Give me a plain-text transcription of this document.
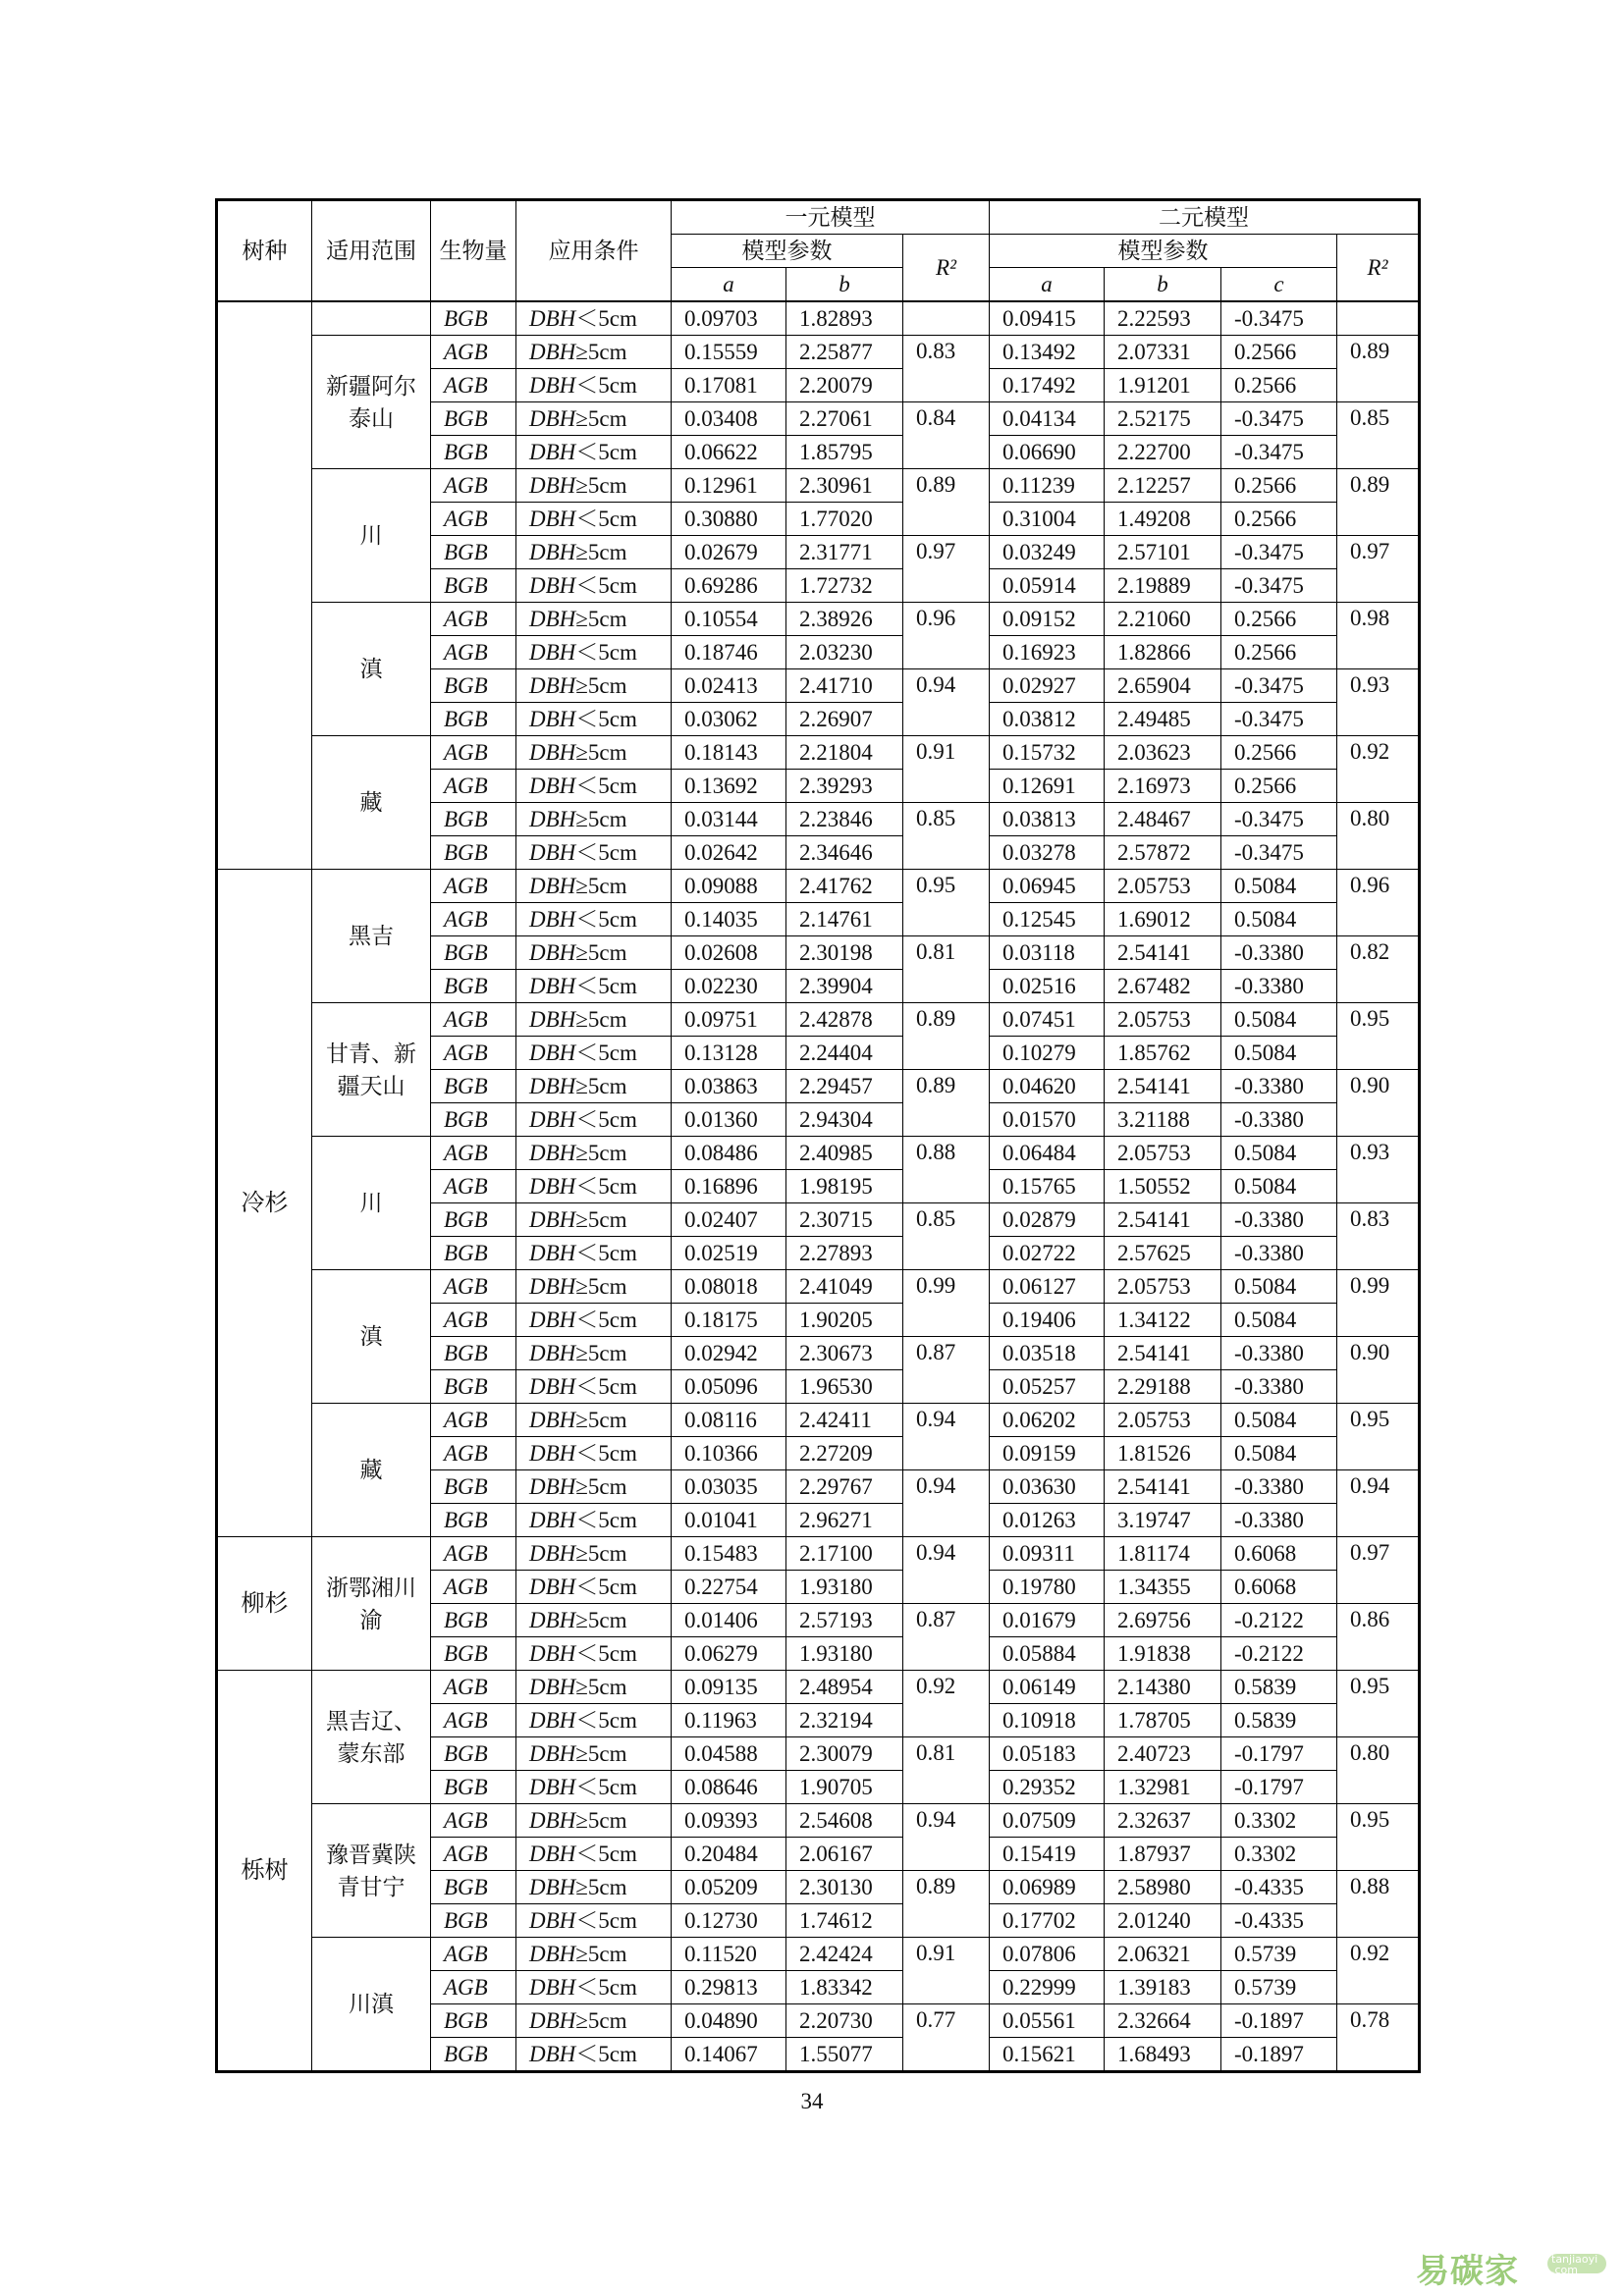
树种	适用范围	生物量	应用条件	一元模型			二元模型			
				模型参数		R²	模型参数			R²
				a	b		a	b	c	
		BGB	DBH＜5cm	0.09703	1.82893		0.09415	2.22593	-0.3475	
	新疆阿尔泰山	AGB	DBH≥5cm	0.15559	2.25877	0.83	0.13492	2.07331	0.2566	0.89
		AGB	DBH＜5cm	0.17081	2.20079		0.17492	1.91201	0.2566	
		BGB	DBH≥5cm	0.03408	2.27061	0.84	0.04134	2.52175	-0.3475	0.85
		BGB	DBH＜5cm	0.06622	1.85795		0.06690	2.22700	-0.3475	
	川	AGB	DBH≥5cm	0.12961	2.30961	0.89	0.11239	2.12257	0.2566	0.89
		AGB	DBH＜5cm	0.30880	1.77020		0.31004	1.49208	0.2566	
		BGB	DBH≥5cm	0.02679	2.31771	0.97	0.03249	2.57101	-0.3475	0.97
		BGB	DBH＜5cm	0.69286	1.72732		0.05914	2.19889	-0.3475	
	滇	AGB	DBH≥5cm	0.10554	2.38926	0.96	0.09152	2.21060	0.2566	0.98
		AGB	DBH＜5cm	0.18746	2.03230		0.16923	1.82866	0.2566	
		BGB	DBH≥5cm	0.02413	2.41710	0.94	0.02927	2.65904	-0.3475	0.93
		BGB	DBH＜5cm	0.03062	2.26907		0.03812	2.49485	-0.3475	
	藏	AGB	DBH≥5cm	0.18143	2.21804	0.91	0.15732	2.03623	0.2566	0.92
		AGB	DBH＜5cm	0.13692	2.39293		0.12691	2.16973	0.2566	
		BGB	DBH≥5cm	0.03144	2.23846	0.85	0.03813	2.48467	-0.3475	0.80
		BGB	DBH＜5cm	0.02642	2.34646		0.03278	2.57872	-0.3475	
冷杉	黑吉	AGB	DBH≥5cm	0.09088	2.41762	0.95	0.06945	2.05753	0.5084	0.96
		AGB	DBH＜5cm	0.14035	2.14761		0.12545	1.69012	0.5084	
		BGB	DBH≥5cm	0.02608	2.30198	0.81	0.03118	2.54141	-0.3380	0.82
		BGB	DBH＜5cm	0.02230	2.39904		0.02516	2.67482	-0.3380	
	甘青、新疆天山	AGB	DBH≥5cm	0.09751	2.42878	0.89	0.07451	2.05753	0.5084	0.95
		AGB	DBH＜5cm	0.13128	2.24404		0.10279	1.85762	0.5084	
		BGB	DBH≥5cm	0.03863	2.29457	0.89	0.04620	2.54141	-0.3380	0.90
		BGB	DBH＜5cm	0.01360	2.94304		0.01570	3.21188	-0.3380	
	川	AGB	DBH≥5cm	0.08486	2.40985	0.88	0.06484	2.05753	0.5084	0.93
		AGB	DBH＜5cm	0.16896	1.98195		0.15765	1.50552	0.5084	
		BGB	DBH≥5cm	0.02407	2.30715	0.85	0.02879	2.54141	-0.3380	0.83
		BGB	DBH＜5cm	0.02519	2.27893		0.02722	2.57625	-0.3380	
	滇	AGB	DBH≥5cm	0.08018	2.41049	0.99	0.06127	2.05753	0.5084	0.99
		AGB	DBH＜5cm	0.18175	1.90205		0.19406	1.34122	0.5084	
		BGB	DBH≥5cm	0.02942	2.30673	0.87	0.03518	2.54141	-0.3380	0.90
		BGB	DBH＜5cm	0.05096	1.96530		0.05257	2.29188	-0.3380	
	藏	AGB	DBH≥5cm	0.08116	2.42411	0.94	0.06202	2.05753	0.5084	0.95
		AGB	DBH＜5cm	0.10366	2.27209		0.09159	1.81526	0.5084	
		BGB	DBH≥5cm	0.03035	2.29767	0.94	0.03630	2.54141	-0.3380	0.94
		BGB	DBH＜5cm	0.01041	2.96271		0.01263	3.19747	-0.3380	
柳杉	浙鄂湘川渝	AGB	DBH≥5cm	0.15483	2.17100	0.94	0.09311	1.81174	0.6068	0.97
		AGB	DBH＜5cm	0.22754	1.93180		0.19780	1.34355	0.6068	
		BGB	DBH≥5cm	0.01406	2.57193	0.87	0.01679	2.69756	-0.2122	0.86
		BGB	DBH＜5cm	0.06279	1.93180		0.05884	1.91838	-0.2122	
栎树	黑吉辽、蒙东部	AGB	DBH≥5cm	0.09135	2.48954	0.92	0.06149	2.14380	0.5839	0.95
		AGB	DBH＜5cm	0.11963	2.32194		0.10918	1.78705	0.5839	
		BGB	DBH≥5cm	0.04588	2.30079	0.81	0.05183	2.40723	-0.1797	0.80
		BGB	DBH＜5cm	0.08646	1.90705		0.29352	1.32981	-0.1797	
	豫晋冀陕青甘宁	AGB	DBH≥5cm	0.09393	2.54608	0.94	0.07509	2.32637	0.3302	0.95
		AGB	DBH＜5cm	0.20484	2.06167		0.15419	1.87937	0.3302	
		BGB	DBH≥5cm	0.05209	2.30130	0.89	0.06989	2.58980	-0.4335	0.88
		BGB	DBH＜5cm	0.12730	1.74612		0.17702	2.01240	-0.4335	
	川滇	AGB	DBH≥5cm	0.11520	2.42424	0.91	0.07806	2.06321	0.5739	0.92
		AGB	DBH＜5cm	0.29813	1.83342		0.22999	1.39183	0.5739	
		BGB	DBH≥5cm	0.04890	2.20730	0.77	0.05561	2.32664	-0.1897	0.78
		BGB	DBH＜5cm	0.14067	1.55077		0.15621	1.68493	-0.1897	
34
易碳家	tanjiaoyi .com
